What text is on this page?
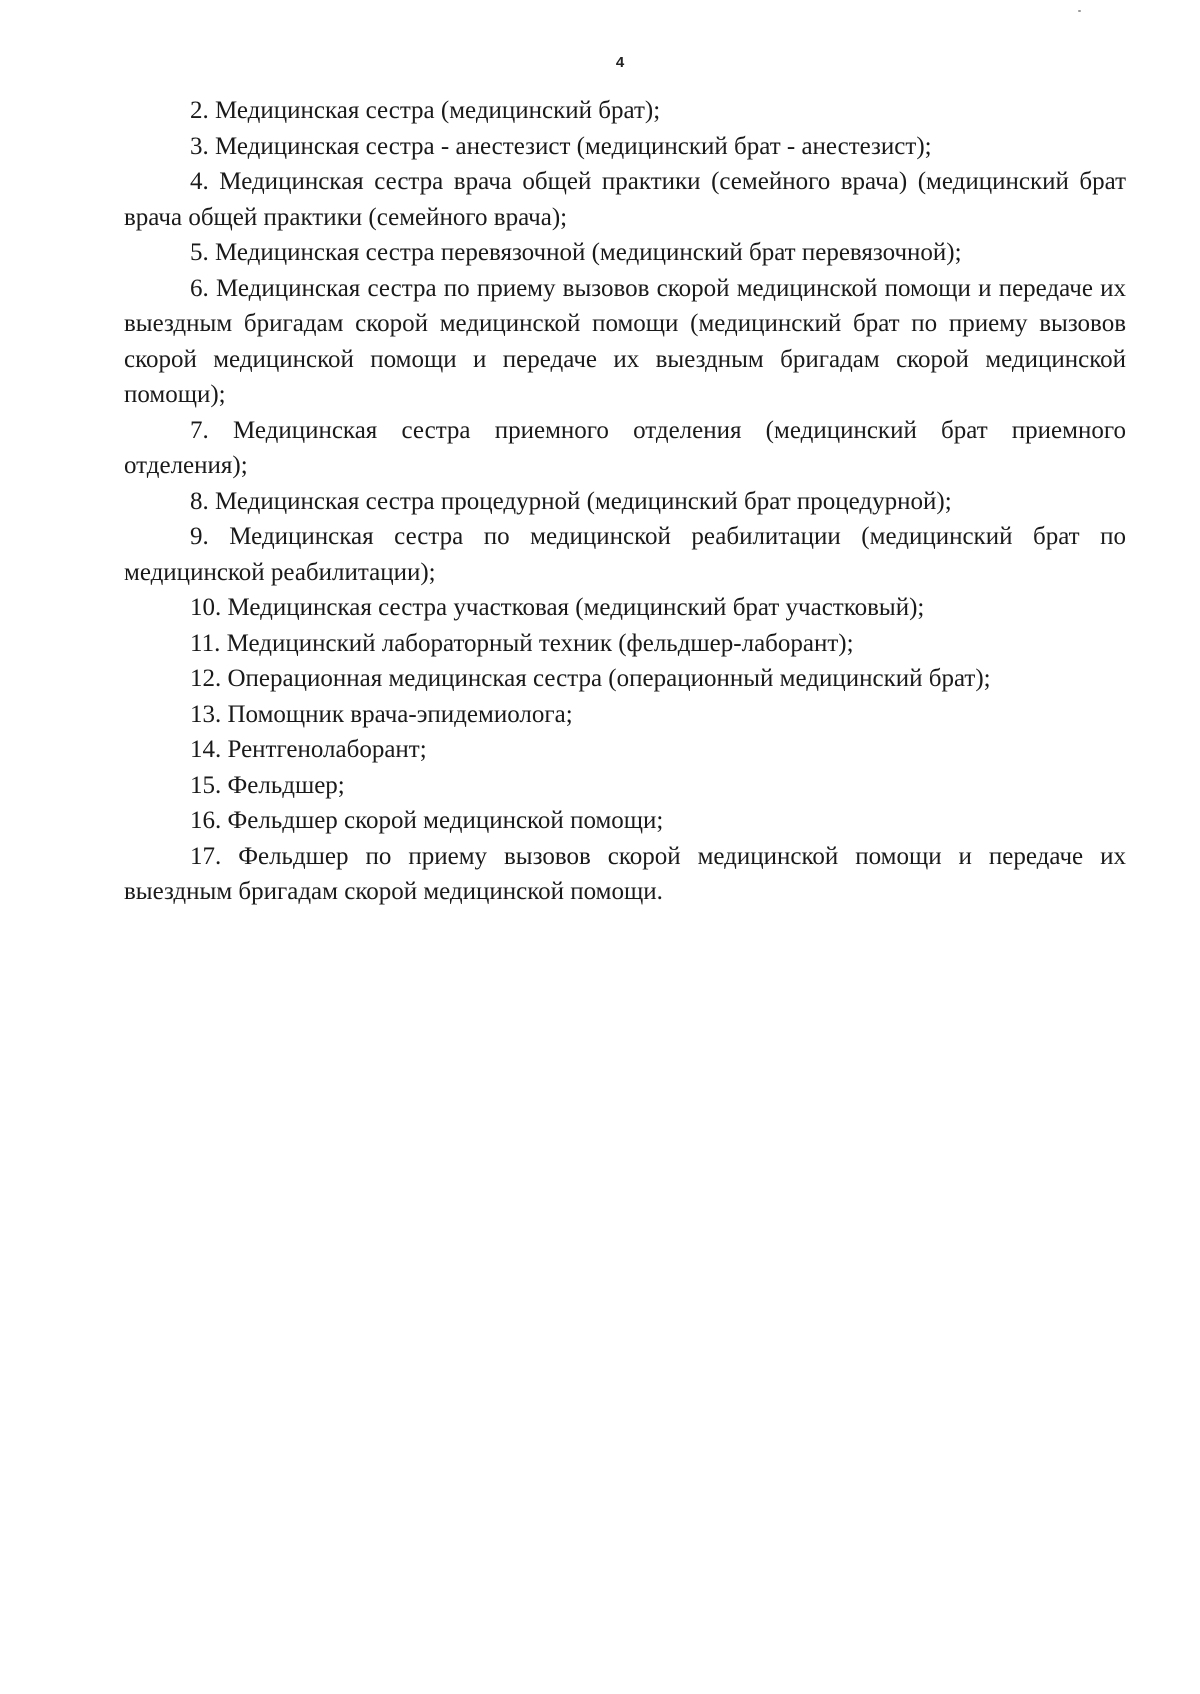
4

2. Медицинская сестра (медицинский брат);

3. Медицинская сестра - анестезист (медицинский брат - анестезист);

4. Медицинская сестра врача общей практики (семейного врача) (медицинский брат врача общей практики (семейного врача);

5. Медицинская сестра перевязочной (медицинский брат перевязочной);

6. Медицинская сестра по приему вызовов скорой медицинской помощи и передаче их выездным бригадам скорой медицинской помощи (медицинский брат по приему вызовов скорой медицинской помощи и передаче их выездным бригадам скорой медицинской помощи);

7. Медицинская сестра приемного отделения (медицинский брат приемного отделения);

8. Медицинская сестра процедурной (медицинский брат процедурной);

9. Медицинская сестра по медицинской реабилитации (медицинский брат по медицинской реабилитации);

10. Медицинская сестра участковая (медицинский брат участковый);

11. Медицинский лабораторный техник (фельдшер-лаборант);

12. Операционная медицинская сестра (операционный медицинский брат);

13. Помощник врача-эпидемиолога;

14. Рентгенолаборант;

15. Фельдшер;

16. Фельдшер скорой медицинской помощи;

17. Фельдшер по приему вызовов скорой медицинской помощи и передаче их выездным бригадам скорой медицинской помощи.
